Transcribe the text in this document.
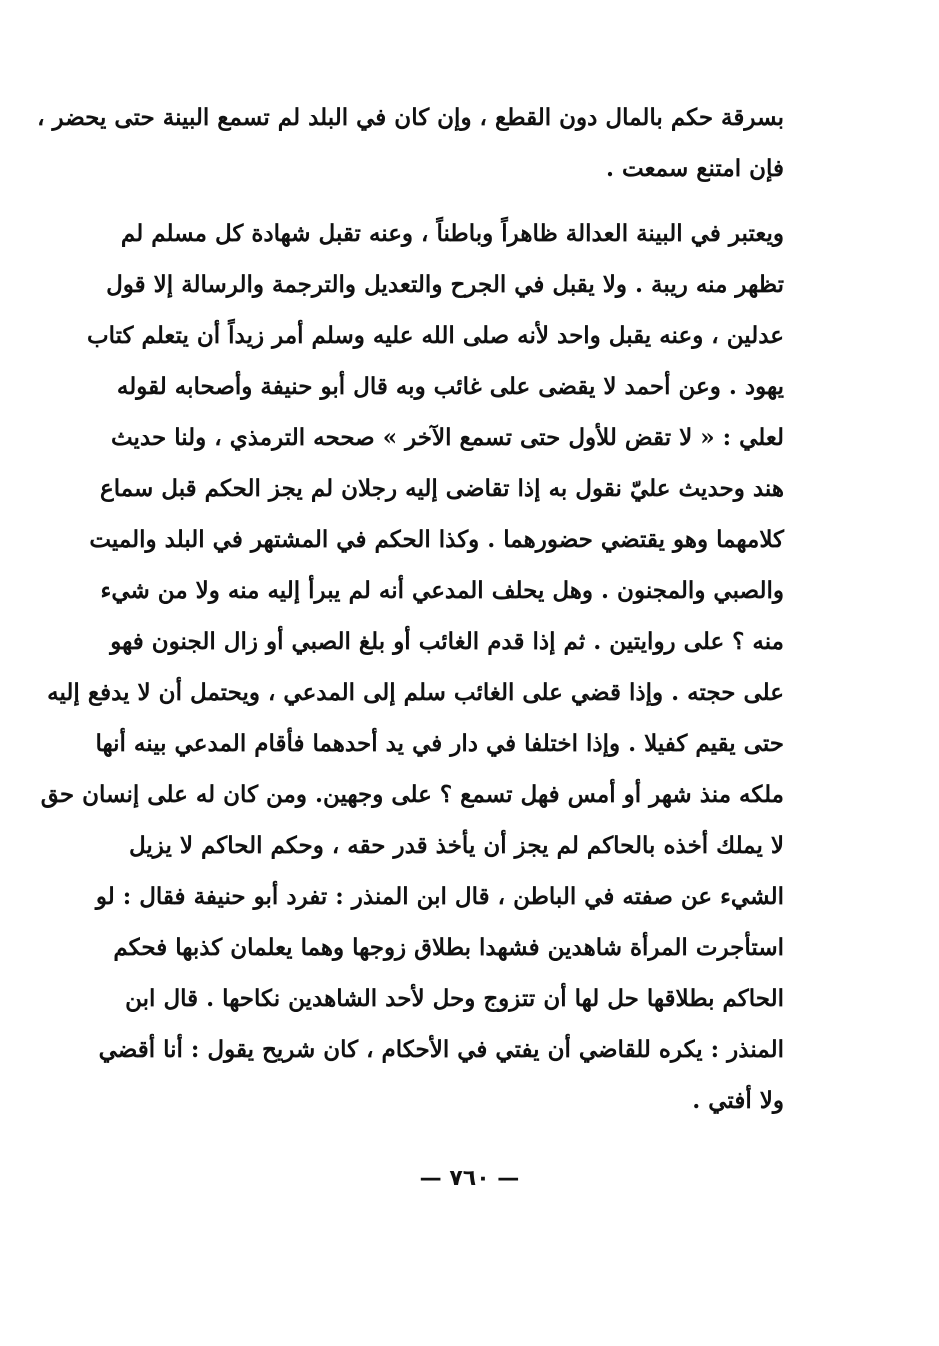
بسرقة حكم بالمال دون القطع ، وإن كان في البلد لم تسمع البينة حتى يحضر ،
فإن امتنع سمعت .
ويعتبر في البينة العدالة ظاهراً وباطناً ، وعنه تقبل شهادة كل مسلم لم
تظهر منه ريبة . ولا يقبل في الجرح والتعديل والترجمة والرسالة إلا قول
عدلين ، وعنه يقبل واحد لأنه صلى الله عليه وسلم أمر زيداً أن يتعلم كتاب
يهود . وعن أحمد لا يقضى على غائب وبه قال أبو حنيفة وأصحابه لقوله
لعلي : « لا تقض للأول حتى تسمع الآخر » صححه الترمذي ، ولنا حديث
هند وحديث عليّ نقول به إذا تقاضى إليه رجلان لم يجز الحكم قبل سماع
كلامهما وهو يقتضي حضورهما . وكذا الحكم في المشتهر في البلد والميت
والصبي والمجنون . وهل يحلف المدعي أنه لم يبرأ إليه منه ولا من شيء
منه ؟ على روايتين . ثم إذا قدم الغائب أو بلغ الصبي أو زال الجنون فهو
على حجته . وإذا قضي على الغائب سلم إلى المدعي ، ويحتمل أن لا يدفع إليه
حتى يقيم كفيلا . وإذا اختلفا في دار في يد أحدهما فأقام المدعي بينه أنها
ملكه منذ شهر أو أمس فهل تسمع ؟ على وجهين. ومن كان له على إنسان حق
لا يملك أخذه بالحاكم لم يجز أن يأخذ قدر حقه ، وحكم الحاكم لا يزيل
الشيء عن صفته في الباطن ، قال ابن المنذر : تفرد أبو حنيفة فقال : لو
استأجرت المرأة شاهدين فشهدا بطلاق زوجها وهما يعلمان كذبها فحكم
الحاكم بطلاقها حل لها أن تتزوج وحل لأحد الشاهدين نكاحها . قال ابن
المنذر : يكره للقاضي أن يفتي في الأحكام ، كان شريح يقول : أنا أقضي
ولا أفتي .
— ٧٦٠ —
